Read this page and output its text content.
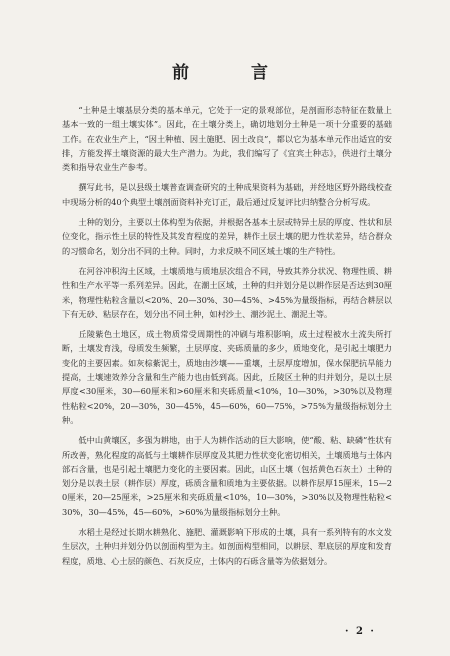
前 言

“土种是土壤基层分类的基本单元，它处于一定的景观部位，是剖面形态特征在数量上基本一致的一组土壤实体”。因此，在土壤分类上，确切地划分土种是一项十分重要的基础工作。在农业生产上，“因土种植、因土施肥、因土改良”，都以它为基本单元作出适宜的安排，方能发挥土壤资源的最大生产潜力。为此，我们编写了《宜宾土种志》，供进行土壤分类和指导农业生产参考。

撰写此书，是以县级土壤普查调查研究的土种成果资料为基础，并经地区野外路线校查中现场分析的40个典型土壤剖面资料补充订正，最后通过反复评比归纳整合分析写成。

土种的划分，主要以土体构型为依据，并根据各基本土层或特异土层的厚度、性状和层位变化，指示性土层的特性及其发育程度的差异，耕作土层土壤的肥力性状差异，结合群众的习惯命名，划分出不同的土种。同时，力求反映不同区域土壤的生产特性。

在河谷冲积沟土区域，土壤质地与质地层次组合不同，导致其养分状况、物理性质、耕性和生产水平等一系列差异。因此，在潮土区域，土种的归并划分是以耕作层是否达到30厘米，物理性粘粒含量以<20%、20—30%、30—45%、>45%为量级指标，再结合耕层以下有无砂、粘层存在，划分出不同土种，如村沙土、潮沙泥土、潮泥土等。

丘陵紫色土地区，成土物质常受周期性的冲刷与堆积影响，成土过程被水土流失所打断，土壤发育浅，母质发生频繁，土层厚度、夹砾质量的多少，质地变化，是引起土壤肥力变化的主要因素。如灰棕紫泥土，质地由沙壤——重壤，土层厚度增加，保水保肥抗旱能力提高，土壤速效养分含量和生产能力也由低到高。因此，丘陵区土种的归并划分，是以土层厚度<30厘米，30—60厘米和>60厘米和夹砾质量<10%，10—30%，>30%以及物理性粘粒<20%，20—30%，30—45%，45—60%，60—75%，>75%为量级指标划分土种。

低中山黄壤区，多强为耕地，由于人为耕作活动的巨大影响，使“酸、粘、缺磷”性状有所改善，熟化程度的高低与土壤耕作层厚度及其肥力性状变化密切相关，土壤质地与土体内部石含量，也是引起土壤肥力变化的主要因素。因此，山区土壤（包括黄色石灰土）土种的划分是以表土层（耕作层）厚度，砾质含量和质地为主要依据。以耕作层厚15厘米，15—20厘米，20—25厘米，>25厘米和夹砾质量<10%，10—30%，>30%以及物理性粘粒<30%，30—45%，45—60%，>60%为量级指标划分土种。

水稻土是经过长期水耕熟化、施肥、灌溉影响下形成的土壤，具有一系列特有的水文发生层次，土种归并划分仍以剖面构型为主。如剖面构型相同，以耕层、犁底层的厚度和发育程度，质地、心土层的颜色、石灰反应，土体内的石砾含量等为依据划分。

· 2 ·
